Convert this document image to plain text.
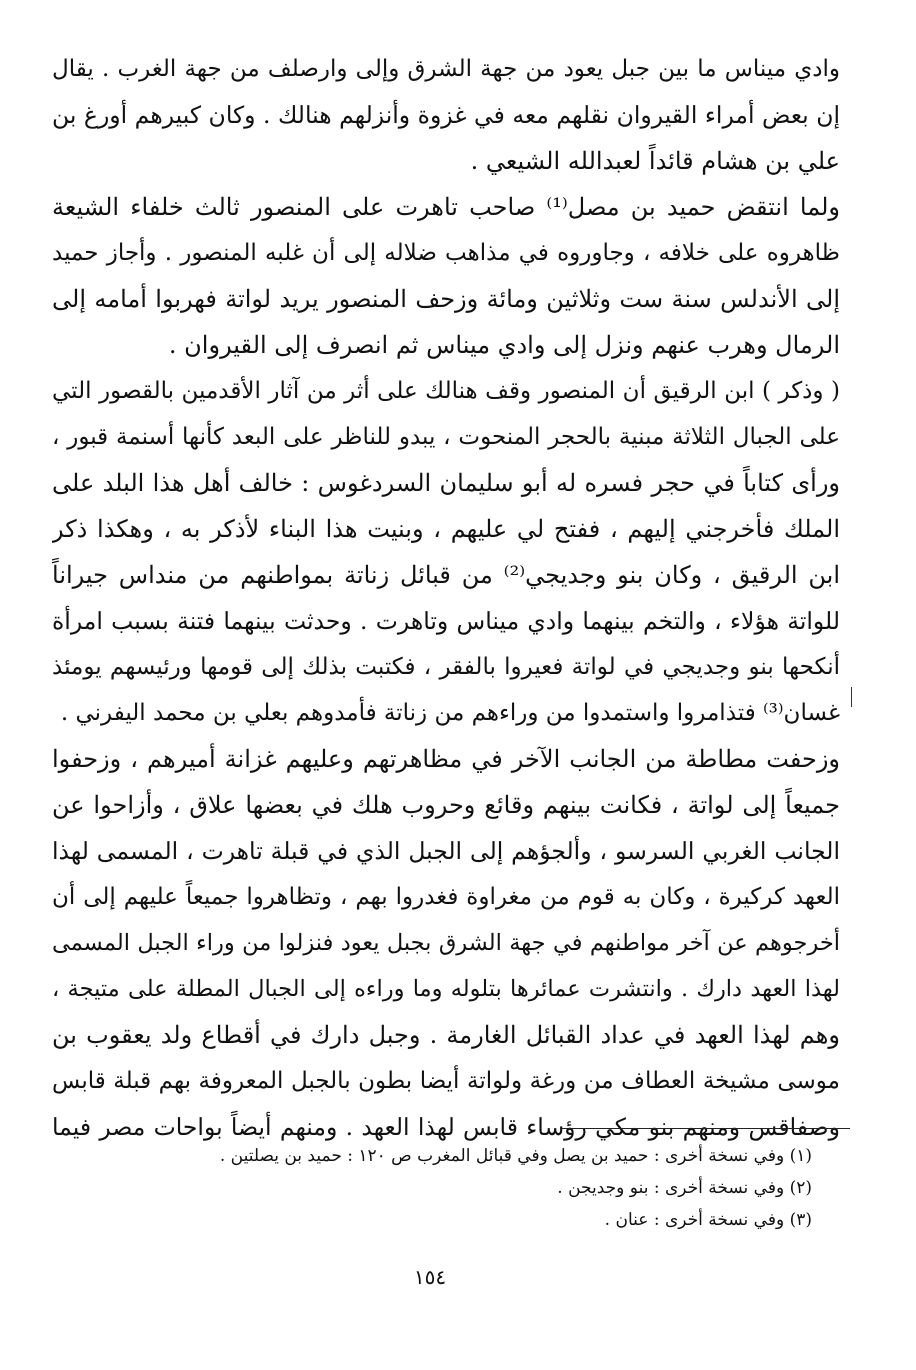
وادي ميناس ما بين جبل يعود من جهة الشرق وإلى وارصلف من جهة الغرب . يقال
إن بعض أمراء القيروان نقلهم معه في غزوة وأنزلهم هنالك . وكان كبيرهم أورغ بن
علي بن هشام قائداً لعبدالله الشيعي .
ولما انتقض حميد بن مصل⁽¹⁾ صاحب تاهرت على المنصور ثالث خلفاء الشيعة
ظاهروه على خلافه ، وجاوروه في مذاهب ضلاله إلى أن غلبه المنصور . وأجاز حميد
إلى الأندلس سنة ست وثلاثين ومائة وزحف المنصور يريد لواتة فهربوا أمامه إلى
الرمال وهرب عنهم ونزل إلى وادي ميناس ثم انصرف إلى القيروان .
( وذكر ) ابن الرقيق أن المنصور وقف هنالك على أثر من آثار الأقدمين بالقصور التي
على الجبال الثلاثة مبنية بالحجر المنحوت ، يبدو للناظر على البعد كأنها أسنمة قبور ،
ورأى كتاباً في حجر فسره له أبو سليمان السردغوس : خالف أهل هذا البلد على
الملك فأخرجني إليهم ، ففتح لي عليهم ، وبنيت هذا البناء لأذكر به ، وهكذا ذكر
ابن الرقيق ، وكان بنو وجديجي⁽²⁾ من قبائل زناتة بمواطنهم من منداس جيراناً
للواتة هؤلاء ، والتخم بينهما وادي ميناس وتاهرت . وحدثت بينهما فتنة بسبب امرأة
أنكحها بنو وجديجي في لواتة فعيروا بالفقر ، فكتبت بذلك إلى قومها ورئيسهم يومئذ
غسان⁽³⁾ فتذامروا واستمدوا من وراءهم من زناتة فأمدوهم بعلي بن محمد اليفرني .
وزحفت مطاطة من الجانب الآخر في مظاهرتهم وعليهم غزانة أميرهم ، وزحفوا
جميعاً إلى لواتة ، فكانت بينهم وقائع وحروب هلك في بعضها علاق ، وأزاحوا عن
الجانب الغربي السرسو ، وألجؤهم إلى الجبل الذي في قبلة تاهرت ، المسمى لهذا
العهد كركيرة ، وكان به قوم من مغراوة فغدروا بهم ، وتظاهروا جميعاً عليهم إلى أن
أخرجوهم عن آخر مواطنهم في جهة الشرق بجبل يعود فنزلوا من وراء الجبل المسمى
لهذا العهد دارك . وانتشرت عمائرها بتلوله وما وراءه إلى الجبال المطلة على متيجة ،
وهم لهذا العهد في عداد القبائل الغارمة . وجبل دارك في أقطاع ولد يعقوب بن
موسى مشيخة العطاف من ورغة ولواتة أيضا بطون بالجبل المعروفة بهم قبلة قابس
وصفاقس ومنهم بنو مكي رؤساء قابس لهذا العهد . ومنهم أيضاً بواحات مصر فيما
(١) وفي نسخة أخرى : حميد بن يصل وفي قبائل المغرب ص ١٢٠ : حميد بن يصلتين .
(٢) وفي نسخة أخرى : بنو وجديجن .
(٣) وفي نسخة أخرى : عنان .
١٥٤
